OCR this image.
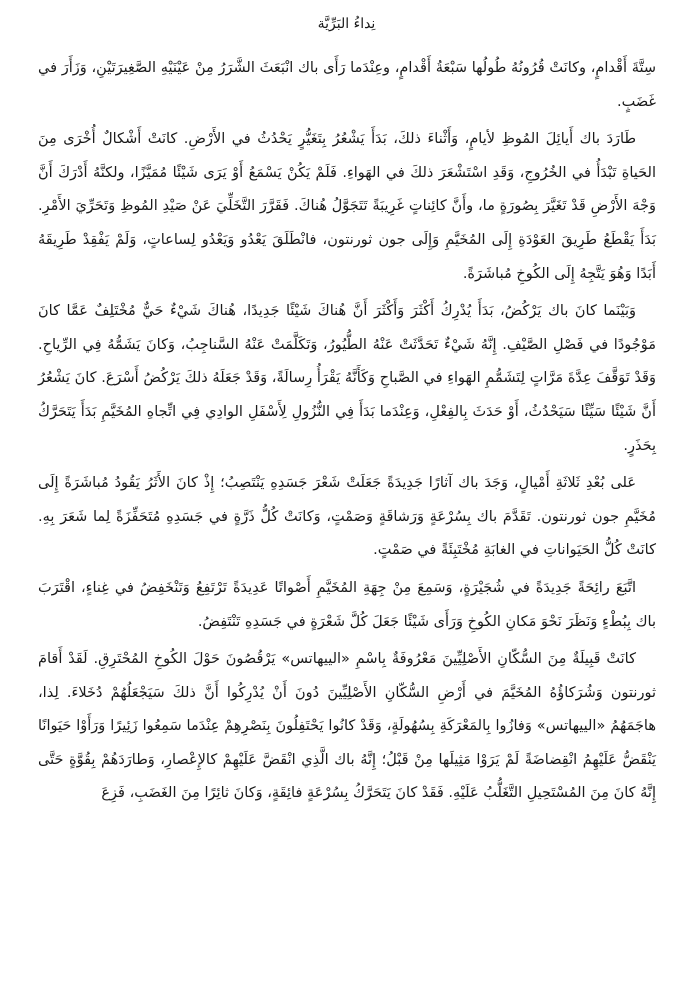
نِداءُ البَرِّيَّة

سِتَّةَ أَقْدامٍ، وكانَتْ قُرُونُهُ طُولُها سَبْعَةُ أَقْدامٍ، وعِنْدَما رَأَى باك انْبَعَثَ الشَّرَرُ مِنْ عَيْنَيْهِ الصَّغِيرَتَيْنِ، وَزَأَرَ في غَضَبٍ.

طَارَدَ باك أَيائِلَ المُوظِ لأيامٍ، وَأَثْناءَ ذلكَ، بَدَأَ يَشْعُرُ بِتَغَيُّرٍ يَحْدُثُ في الأَرْضِ. كانَتْ أَشْكالٌ أُخْرَى مِنَ الحَياةِ تَبْدَأُ في الخُرُوجِ، وَقَدِ اسْتَشْعَرَ ذلكَ في الهَواءِ. فَلَمْ يَكُنْ يَسْمَعُ أَوْ يَرَى شَيْئًا مُمَيَّزًا، ولكنَّهُ أَدْرَكَ أَنَّ وَجْهَ الأَرْضِ قَدْ تَغَيَّرَ بِصُورَةٍ ما، وأَنَّ كائِناتٍ غَرِيبَةً تَتَجَوَّلُ هُناكَ. فَقَرَّرَ التَّخَلِّيَ عَنْ صَيْدِ المُوظِ وَتَحَرِّيَ الأَمْرِ. بَدَأَ يَقْطَعُ طَرِيقَ العَوْدَةِ إِلَى المُخَيَّمِ وَإِلَى جون ثورنتون، فانْطَلَقَ يَعْدُو وَيَعْدُو لِساعاتٍ، وَلَمْ يَفْقِدْ طَرِيقَهُ أَبَدًا وَهُوَ يَتَّجِهُ إِلَى الكُوخِ مُباشَرَةً.

وَبَيْنَما كانَ باك يَرْكُضُ، بَدَأَ يُدْرِكُ أَكْثَرَ وَأَكْثَرَ أَنَّ هُناكَ شَيْئًا جَدِيدًا، هُناكَ شَيْءٌ حَيٌّ مُخْتَلِفٌ عَمَّا كانَ مَوْجُودًا في فَصْلِ الصَّيْفِ. إِنَّهُ شَيْءٌ تَحَدَّثَتْ عَنْهُ الطُّيُورُ، وَتَكَلَّمَتْ عَنْهُ السَّناجِبُ، وَكانَ يَشَمُّهُ فِي الرِّياحِ. وَقَدْ تَوَقَّفَ عِدَّةَ مَرَّاتٍ لِتَشَمُّمِ الهَواءِ في الصَّباحِ وَكَأَنَّهُ يَقْرَأُ رِسالَةً، وَقَدْ جَعَلَهُ ذلكَ يَرْكُضُ أَسْرَعَ. كانَ يَشْعُرُ أَنَّ شَيْئًا سَيِّئًا سَيَحْدُثُ، أَوْ حَدَثَ بِالفِعْلِ، وَعِنْدَما بَدَأَ فِي النُّزُولِ لِأَسْفَلِ الوادِي فِي اتِّجاهِ المُخَيَّمِ بَدَأَ يَتَحَرَّكُ بِحَذَرٍ.

عَلى بُعْدِ ثَلاثَةِ أَمْيالٍ، وَجَدَ باك آثارًا جَدِيدَةً جَعَلَتْ شَعْرَ جَسَدِهِ يَنْتَصِبُ؛ إِذْ كانَ الأَثَرُ يَقُودُ مُباشَرَةً إِلَى مُخَيَّمِ جون ثورنتون. تَقَدَّمَ باك بِسُرْعَةٍ وَرَشاقَةٍ وَصَمْتٍ، وَكانَتْ كُلُّ ذَرَّةٍ في جَسَدِهِ مُتَحَفِّزَةً لِما شَعَرَ بِهِ. كانَتْ كُلُّ الحَيَواناتِ في الغابَةِ مُخْتَبِئَةً في صَمْتٍ.

اتَّبَعَ رائِحَةً جَدِيدَةً في شُجَيْرَةٍ، وَسَمِعَ مِنْ جِهَةِ المُخَيَّمِ أَصْواتًا عَدِيدَةً تَرْتَفِعُ وَتَنْخَفِضُ في غِناءٍ، اقْتَرَبَ باك بِبُطْءٍ وَنَظَرَ نَحْوَ مَكانِ الكُوخِ وَرَأَى شَيْئًا جَعَلَ كُلَّ شَعْرَةٍ في جَسَدِهِ تَنْتَفِضُ.

كانَتْ قَبِيلَةٌ مِنَ السُّكّانِ الأَصْلِيِّينَ مَعْرُوفَةٌ بِاسْمِ «الييهاتس» يَرْقُصُونَ حَوْلَ الكُوخِ المُحْتَرِقِ. لَقَدْ أَقامَ ثورنتون وَشُرَكاؤُهُ المُخَيَّمَ في أَرْضِ السُّكّانِ الأَصْلِيِّينَ دُونَ أَنْ يُدْرِكُوا أَنَّ ذلكَ سَيَجْعَلُهُمْ دُخَلاءَ. لِذا، هاجَمَهُمُ «الييهاتس» وَفازُوا بِالمَعْرَكَةِ بِسُهُولَةٍ، وَقَدْ كانُوا يَحْتَفِلُونَ بِنَصْرِهِمْ عِنْدَما سَمِعُوا زَئِيرًا وَرَأَوْا حَيَوانًا يَنْقَضُّ عَلَيْهِمُ انْقِضاضَةً لَمْ يَرَوْا مَثِيلَها مِنْ قَبْلُ؛ إِنَّهُ باك الَّذِي انْقَضَّ عَلَيْهِمْ كالإِعْصارِ، وَطارَدَهُمْ بِقُوَّةٍ حَتَّى إِنَّهُ كانَ مِنَ المُسْتَحِيلِ التَّغَلُّبُ عَلَيْهِ. فَقَدْ كانَ يَتَحَرَّكُ بِسُرْعَةٍ فائِقَةٍ، وَكانَ ثائِرًا مِنَ الغَضَبِ، فَزِعَ
